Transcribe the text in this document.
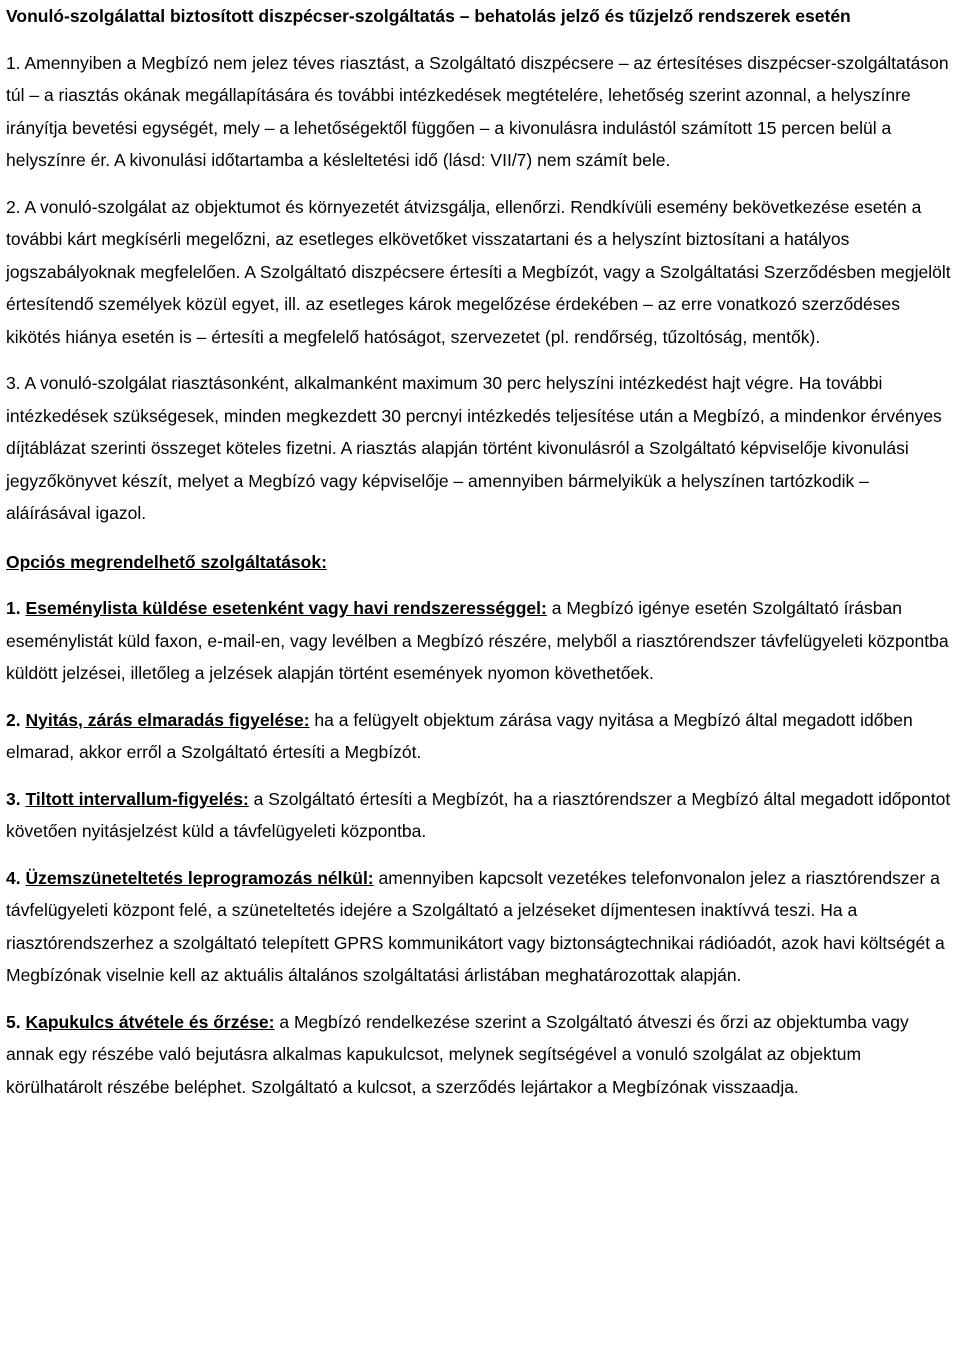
Vonuló-szolgálattal biztosított diszpécser-szolgáltatás – behatolás jelző és tűzjelző rendszerek esetén

1. Amennyiben a Megbízó nem jelez téves riasztást, a Szolgáltató diszpécsere – az értesítéses diszpécser-szolgáltatáson túl – a riasztás okának megállapítására és további intézkedések megtételére, lehetőség szerint azonnal, a helyszínre irányítja bevetési egységét, mely – a lehetőségektől függően – a kivonulásra indulástól számított 15 percen belül a helyszínre ér. A kivonulási időtartamba a késleltetési idő (lásd: VII/7) nem számít bele.

2. A vonuló-szolgálat az objektumot és környezetét átvizsgálja, ellenőrzi. Rendkívüli esemény bekövetkezése esetén a további kárt megkísérli megelőzni, az esetleges elkövetőket visszatartani és a helyszínt biztosítani a hatályos jogszabályoknak megfelelően. A Szolgáltató diszpécsere értesíti a Megbízót, vagy a Szolgáltatási Szerződésben megjelölt értesítendő személyek közül egyet, ill. az esetleges károk megelőzése érdekében – az erre vonatkozó szerződéses kikötés hiánya esetén is – értesíti a megfelelő hatóságot, szervezetet (pl. rendőrség, tűzoltóság, mentők).

3. A vonuló-szolgálat riasztásonként, alkalmanként maximum 30 perc helyszíni intézkedést hajt végre. Ha további intézkedések szükségesek, minden megkezdett 30 percnyi intézkedés teljesítése után a Megbízó, a mindenkor érvényes díjtáblázat szerinti összeget köteles fizetni. A riasztás alapján történt kivonulásról a Szolgáltató képviselője kivonulási jegyzőkönyvet készít, melyet a Megbízó vagy képviselője – amennyiben bármelyikük a helyszínen tartózkodik – aláírásával igazol.

Opciós megrendelhető szolgáltatások:

1. Eseménylista küldése esetenként vagy havi rendszerességgel: a Megbízó igénye esetén Szolgáltató írásban eseménylistát küld faxon, e-mail-en, vagy levélben a Megbízó részére, melyből a riasztórendszer távfelügyeleti központba küldött jelzései, illetőleg a jelzések alapján történt események nyomon követhetőek.

2. Nyitás, zárás elmaradás figyelése: ha a felügyelt objektum zárása vagy nyitása a Megbízó által megadott időben elmarad, akkor erről a Szolgáltató értesíti a Megbízót.

3. Tiltott intervallum-figyelés: a Szolgáltató értesíti a Megbízót, ha a riasztórendszer a Megbízó által megadott időpontot követően nyitásjelzést küld a távfelügyeleti központba.

4. Üzemszüneteltetés leprogramozás nélkül: amennyiben kapcsolt vezetékes telefonvonalon jelez a riasztórendszer a távfelügyeleti központ felé, a szüneteltetés idejére a Szolgáltató a jelzéseket díjmentesen inaktívvá teszi. Ha a riasztórendszerhez a szolgáltató telepített GPRS kommunikátort vagy biztonságtechnikai rádióadót, azok havi költségét a Megbízónak viselnie kell az aktuális általános szolgáltatási árlistában meghatározottak alapján.

5. Kapukulcs átvétele és őrzése: a Megbízó rendelkezése szerint a Szolgáltató átveszi és őrzi az objektumba vagy annak egy részébe való bejutásra alkalmas kapukulcsot, melynek segítségével a vonuló szolgálat az objektum körülhatárolt részébe beléphet. Szolgáltató a kulcsot, a szerződés lejártakor a Megbízónak visszaadja.
